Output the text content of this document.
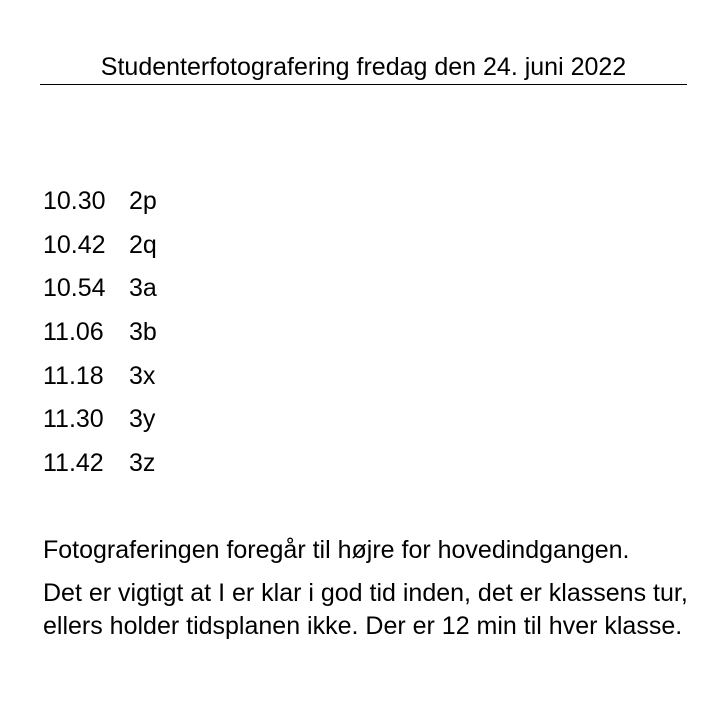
Studenterfotografering fredag den 24. juni 2022
10.30 2p
10.42 2q
10.54 3a
11.06	3b
11.18	3x
11.30	3y
11.42	3z

Fotograferingen foregår til højre for hovedindgangen.

Det er vigtigt at I er klar i god tid inden, det er klassens tur, ellers holder tidsplanen ikke. Der er 12 min til hver klasse.
